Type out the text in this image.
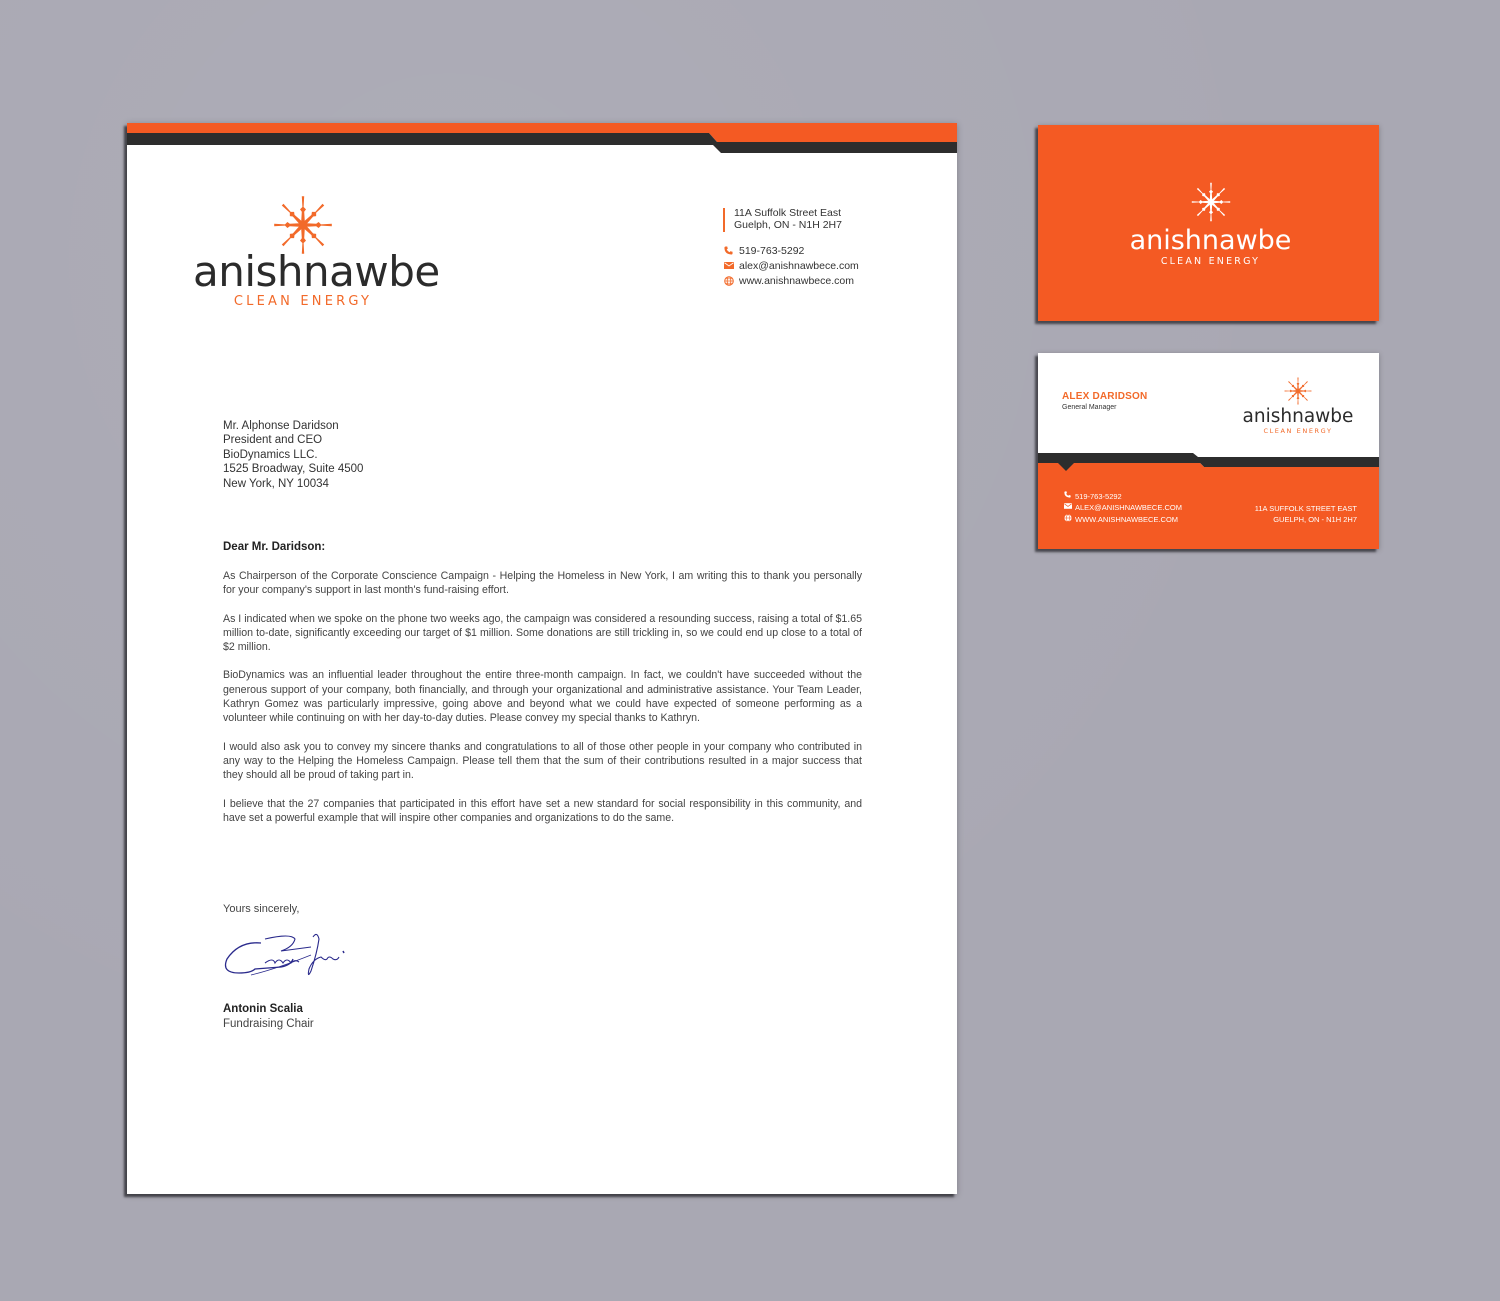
anishnawbe
CLEAN ENERGY
11A Suffolk Street East
Guelph, ON - N1H 2H7
519-763-5292
alex@anishnawbece.com
www.anishnawbece.com
Mr. Alphonse Daridson
President and CEO
BioDynamics LLC.
1525 Broadway, Suite 4500
New York, NY 10034
Dear Mr. Daridson:

As Chairperson of the Corporate Conscience Campaign - Helping the Homeless in New York, I am writing this to thank you personally for your company's support in last month's fund-raising effort.

As I indicated when we spoke on the phone two weeks ago, the campaign was considered a resounding success, raising a total of $1.65 million to-date, significantly exceeding our target of $1 million. Some donations are still trickling in, so we could end up close to a total of $2 million.

BioDynamics was an influential leader throughout the entire three-month campaign. In fact, we couldn't have succeeded without the generous support of your company, both financially, and through your organizational and administrative assistance. Your Team Leader, Kathryn Gomez was particularly impressive, going above and beyond what we could have expected of someone performing as a volunteer while continuing on with her day-to-day duties. Please convey my special thanks to Kathryn.

I would also ask you to convey my sincere thanks and congratulations to all of those other people in your company who contributed in any way to the Helping the Homeless Campaign. Please tell them that the sum of their contributions resulted in a major success that they should all be proud of taking part in.

I believe that the 27 companies that participated in this effort have set a new standard for social responsibility in this community, and have set a powerful example that will inspire other companies and organizations to do the same.

Yours sincerely,
Antonin Scalia
Fundraising Chair
anishnawbe
CLEAN ENERGY
ALEX DARIDSON
General Manager	anishnawbe
CLEAN ENERGY
519-763-5292
ALEX@ANISHNAWBECE.COM
WWW.ANISHNAWBECE.COM
11A SUFFOLK STREET EAST
GUELPH, ON - N1H 2H7
